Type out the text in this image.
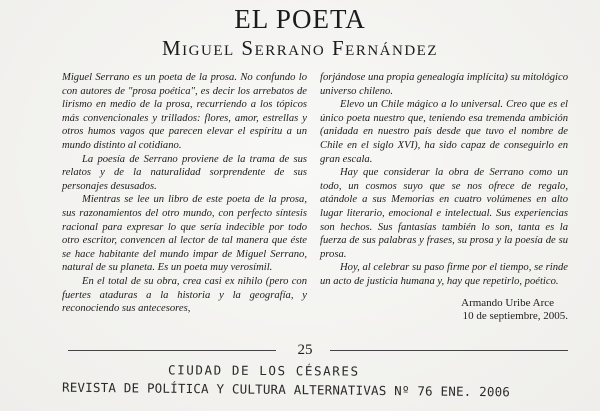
EL POETA
Miguel Serrano Fernández

Miguel Serrano es un poeta de la prosa. No confundo lo con autores de "prosa poética", es decir los arrebatos de lirismo en medio de la prosa, recurriendo a los tópicos más convencionales y trillados: flores, amor, estrellas y otros humos vagos que parecen elevar el espíritu a un mundo distinto al cotidiano.

La poesía de Serrano proviene de la trama de sus relatos y de la naturalidad sorprendente de sus personajes desusados.

Mientras se lee un libro de este poeta de la prosa, sus razonamientos del otro mundo, con perfecto síntesis racional para expresar lo que sería indecible por todo otro escritor, convencen al lector de tal manera que éste se hace habitante del mundo impar de Miguel Serrano, natural de su planeta. Es un poeta muy verosímil.

En el total de su obra, crea casi ex nihilo (pero con fuertes ataduras a la historia y la geografía, y reconociendo sus antecesores,

forjándose una propia genealogía implícita) su mitológico universo chileno.

Elevo un Chile mágico a lo universal. Creo que es el único poeta nuestro que, teniendo esa tremenda ambición (anidada en nuestro país desde que tuvo el nombre de Chile en el siglo XVI), ha sido capaz de conseguirlo en gran escala.

Hay que considerar la obra de Serrano como un todo, un cosmos suyo que se nos ofrece de regalo, atándole a sus Memorias en cuatro volúmenes en alto lugar literario, emocional e intelectual. Sus experiencias son hechos. Sus fantasías también lo son, tanta es la fuerza de sus palabras y frases, su prosa y la poesía de su prosa.

Hoy, al celebrar su paso firme por el tiempo, se rinde un acto de justicia humana y, hay que repetirlo, poético.

Armando Uribe Arce
10 de septiembre, 2005.
25
CIUDAD DE LOS CÉSARES
REVISTA DE POLÍTICA Y CULTURA ALTERNATIVAS Nº 76 ENE. 2006
